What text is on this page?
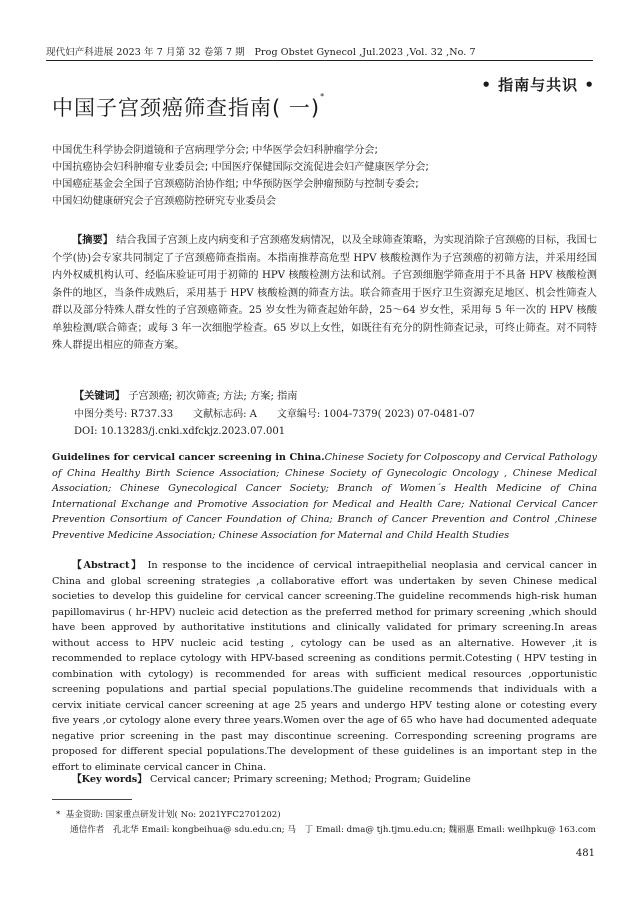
现代妇产科进展 2023 年 7 月第 32 卷第 7 期　Prog Obstet Gynecol ,Jul.2023 ,Vol. 32 ,No. 7
• 指南与共识 •
中国子宫颈癌筛查指南( 一)*
中国优生科学协会阴道镜和子宫病理学分会; 中华医学会妇科肿瘤学分会;
中国抗癌协会妇科肿瘤专业委员会; 中国医疗保健国际交流促进会妇产健康医学分会;
中国癌症基金会全国子宫颈癌防治协作组; 中华预防医学会肿瘤预防与控制专委会;
中国妇幼健康研究会子宫颈癌防控研究专业委员会
【摘要】 结合我国子宫颈上皮内病变和子宫颈癌发病情况，以及全球筛查策略，为实现消除子宫颈癌的目标，我国七个学(协)会专家共同制定了子宫颈癌筛查指南。本指南推荐高危型 HPV 核酸检测作为子宫颈癌的初筛方法，并采用经国内外权威机构认可、经临床验证可用于初筛的 HPV 核酸检测方法和试剂。子宫颈细胞学筛查用于不具备 HPV 核酸检测条件的地区，当条件成熟后，采用基于 HPV 核酸检测的筛查方法。联合筛查用于医疗卫生资源充足地区、机会性筛查人群以及部分特殊人群女性的子宫颈癌筛查。25 岁女性为筛查起始年龄，25～64 岁女性，采用每 5 年一次的 HPV 核酸单独检测/联合筛查；或每 3 年一次细胞学检查。65 岁以上女性，如既往有充分的阴性筛查记录，可终止筛查。对不同特殊人群提出相应的筛查方案。
【关键词】 子宫颈癌; 初次筛查; 方法; 方案; 指南
中图分类号: R737.33　　文献标志码: A　　文章编号: 1004-7379( 2023) 07-0481-07
DOI: 10.13283/j.cnki.xdfckjz.2023.07.001
Guidelines for cervical cancer screening in China.Chinese Society for Colposcopy and Cervical Pathology of China Healthy Birth Science Association; Chinese Society of Gynecologic Oncology , Chinese Medical Association; Chinese Gynecological Cancer Society; Branch of Women´s Health Medicine of China International Exchange and Promotive Association for Medical and Health Care; National Cervical Cancer Prevention Consortium of Cancer Foundation of China; Branch of Cancer Prevention and Control ,Chinese Preventive Medicine Association; Chinese Association for Maternal and Child Health Studies
【Abstract】 In response to the incidence of cervical intraepithelial neoplasia and cervical cancer in China and global screening strategies ,a collaborative effort was undertaken by seven Chinese medical societies to develop this guideline for cervical cancer screening.The guideline recommends high-risk human papillomavirus ( hr-HPV) nucleic acid detection as the preferred method for primary screening ,which should have been approved by authoritative institutions and clinically validated for primary screening.In areas without access to HPV nucleic acid testing , cytology can be used as an alternative. However ,it is recommended to replace cytology with HPV-based screening as conditions permit.Cotesting ( HPV testing in combination with cytology) is recommended for areas with sufficient medical resources ,opportunistic screening populations and partial special populations.The guideline recommends that individuals with a cervix initiate cervical cancer screening at age 25 years and undergo HPV testing alone or cotesting every five years ,or cytology alone every three years.Women over the age of 65 who have had documented adequate negative prior screening in the past may discontinue screening. Corresponding screening programs are proposed for different special populations.The development of these guidelines is an important step in the effort to eliminate cervical cancer in China.
【Key words】 Cervical cancer; Primary screening; Method; Program; Guideline
* 基金资助: 国家重点研发计划( No: 2021YFC2701202)
通信作者　孔北华 Email: kongbeihua@ sdu.edu.cn; 马　丁 Email: dma@ tjh.tjmu.edu.cn; 魏丽惠 Email: weilhpku@ 163.com
481
